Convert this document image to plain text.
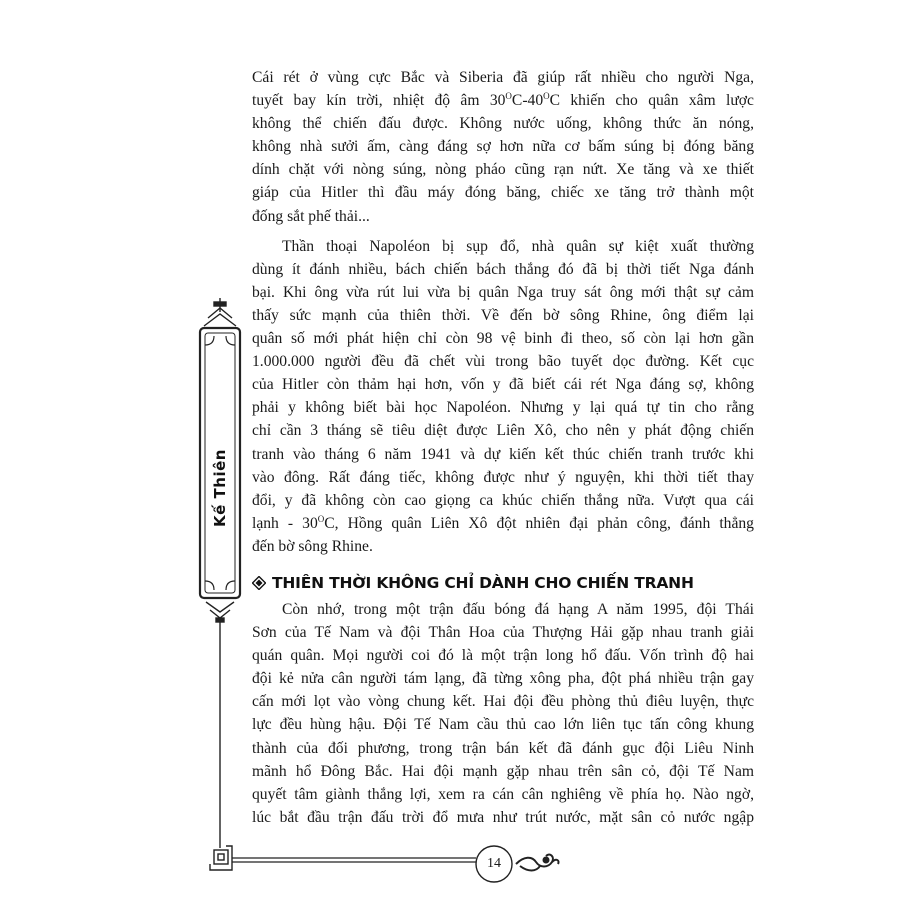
Kế Thiên

Cái rét ở vùng cực Bắc và Siberia đã giúp rất nhiều cho người Nga,
tuyết bay kín trời, nhiệt độ âm $30^OC-40^OC$ khiến cho quân xâm lược
không thể chiến đấu được. Không nước uống, không thức ăn nóng,
không nhà sưởi ấm, càng đáng sợ hơn nữa cơ bấm súng bị đóng băng
dính chặt với nòng súng, nòng pháo cũng rạn nứt. Xe tăng và xe thiết
giáp của Hitler thì đầu máy đóng băng, chiếc xe tăng trở thành một
đống sắt phế thải...

Thần thoại Napoléon bị sụp đổ, nhà quân sự kiệt xuất thường
dùng ít đánh nhiều, bách chiến bách thắng đó đã bị thời tiết Nga đánh
bại. Khi ông vừa rút lui vừa bị quân Nga truy sát ông mới thật sự cảm
thấy sức mạnh của thiên thời. Về đến bờ sông Rhine, ông điểm lại
quân số mới phát hiện chỉ còn 98 vệ binh đi theo, số còn lại hơn gần
1.000.000 người đều đã chết vùi trong bão tuyết dọc đường. Kết cục
của Hitler còn thảm hại hơn, vốn y đã biết cái rét Nga đáng sợ, không
phải y không biết bài học Napoléon. Nhưng y lại quá tự tin cho rằng
chỉ cần 3 tháng sẽ tiêu diệt được Liên Xô, cho nên y phát động chiến
tranh vào tháng 6 năm 1941 và dự kiến kết thúc chiến tranh trước khi
vào đông. Rất đáng tiếc, không được như ý nguyện, khi thời tiết thay
đổi, y đã không còn cao giọng ca khúc chiến thắng nữa. Vượt qua cái
lạnh - $30^OC$, Hồng quân Liên Xô đột nhiên đại phản công, đánh thẳng
đến bờ sông Rhine.

THIÊN THỜI KHÔNG CHỈ DÀNH CHO CHIẾN TRANH

Còn nhớ, trong một trận đấu bóng đá hạng A năm 1995, đội Thái
Sơn của Tế Nam và đội Thân Hoa của Thượng Hải gặp nhau tranh giải
quán quân. Mọi người coi đó là một trận long hổ đấu. Vốn trình độ hai
đội kẻ nửa cân người tám lạng, đã từng xông pha, đột phá nhiều trận gay
cấn mới lọt vào vòng chung kết. Hai đội đều phòng thủ điêu luyện, thực
lực đều hùng hậu. Đội Tế Nam cầu thủ cao lớn liên tục tấn công khung
thành của đối phương, trong trận bán kết đã đánh gục đội Liêu Ninh
mãnh hổ Đông Bắc. Hai đội mạnh gặp nhau trên sân cỏ, đội Tế Nam
quyết tâm giành thắng lợi, xem ra cán cân nghiêng về phía họ. Nào ngờ,
lúc bắt đầu trận đấu trời đổ mưa như trút nước, mặt sân cỏ nước ngập

14
